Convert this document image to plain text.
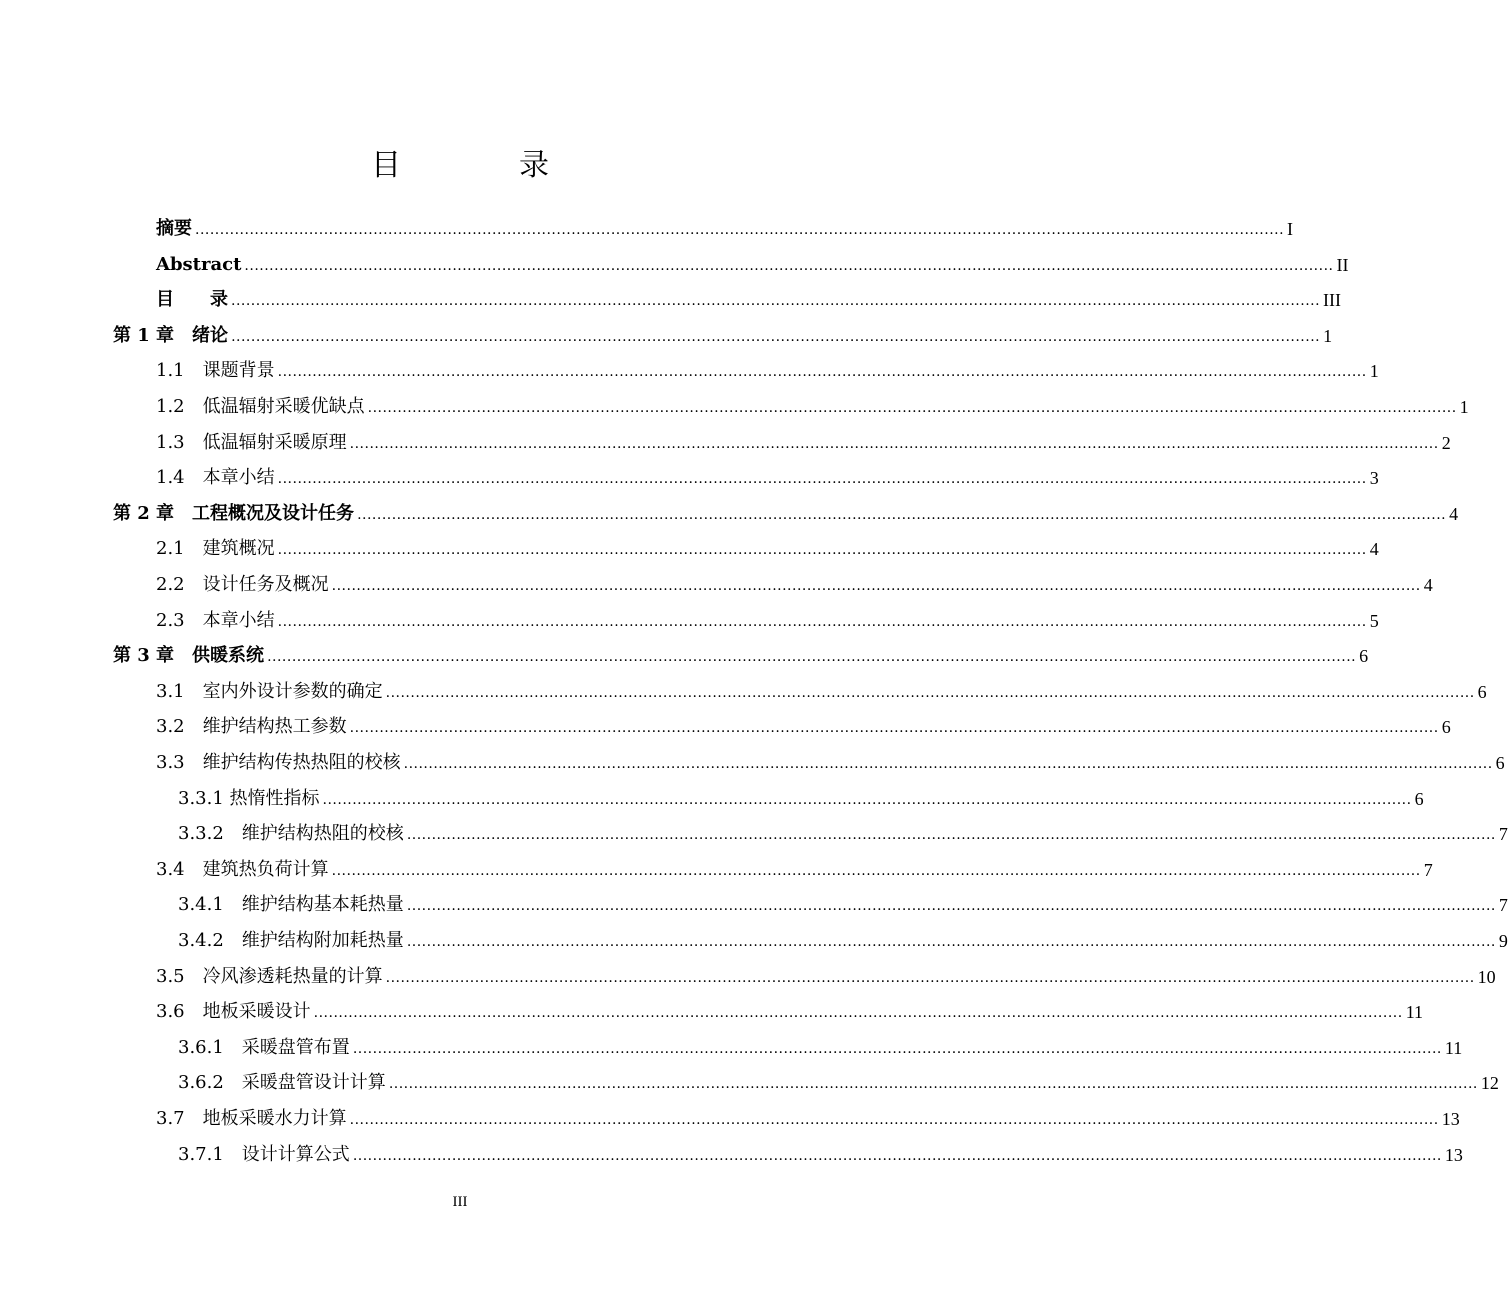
目　录
摘要 ............................................................................................................................................................................................................................ I
Abstract ............................................................................................................................................................................................................................ II
目　　录 ............................................................................................................................................................................................................................ III
第 1 章　绪论 ............................................................................................................................................................................................................................ 1
1.1　课题背景 ............................................................................................................................................................................................................................ 1
1.2　低温辐射采暖优缺点 ............................................................................................................................................................................................................................ 1
1.3　低温辐射采暖原理 ............................................................................................................................................................................................................................ 2
1.4　本章小结 ............................................................................................................................................................................................................................ 3
第 2 章　工程概况及设计任务 ............................................................................................................................................................................................................................ 4
2.1　建筑概况 ............................................................................................................................................................................................................................ 4
2.2　设计任务及概况 ............................................................................................................................................................................................................................ 4
2.3　本章小结 ............................................................................................................................................................................................................................ 5
第 3 章　供暖系统 ............................................................................................................................................................................................................................ 6
3.1　室内外设计参数的确定 ............................................................................................................................................................................................................................ 6
3.2　维护结构热工参数 ............................................................................................................................................................................................................................ 6
3.3　维护结构传热热阻的校核 ............................................................................................................................................................................................................................ 6
3.3.1 热惰性指标 ............................................................................................................................................................................................................................ 6
3.3.2　维护结构热阻的校核 ............................................................................................................................................................................................................................ 7
3.4　建筑热负荷计算 ............................................................................................................................................................................................................................ 7
3.4.1　维护结构基本耗热量 ............................................................................................................................................................................................................................ 7
3.4.2　维护结构附加耗热量 ............................................................................................................................................................................................................................ 9
3.5　冷风渗透耗热量的计算 ............................................................................................................................................................................................................................ 10
3.6　地板采暖设计 ............................................................................................................................................................................................................................ 11
3.6.1　采暖盘管布置 ............................................................................................................................................................................................................................ 11
3.6.2　采暖盘管设计计算 ............................................................................................................................................................................................................................ 12
3.7　地板采暖水力计算 ............................................................................................................................................................................................................................ 13
3.7.1　设计计算公式 ............................................................................................................................................................................................................................ 13
III
